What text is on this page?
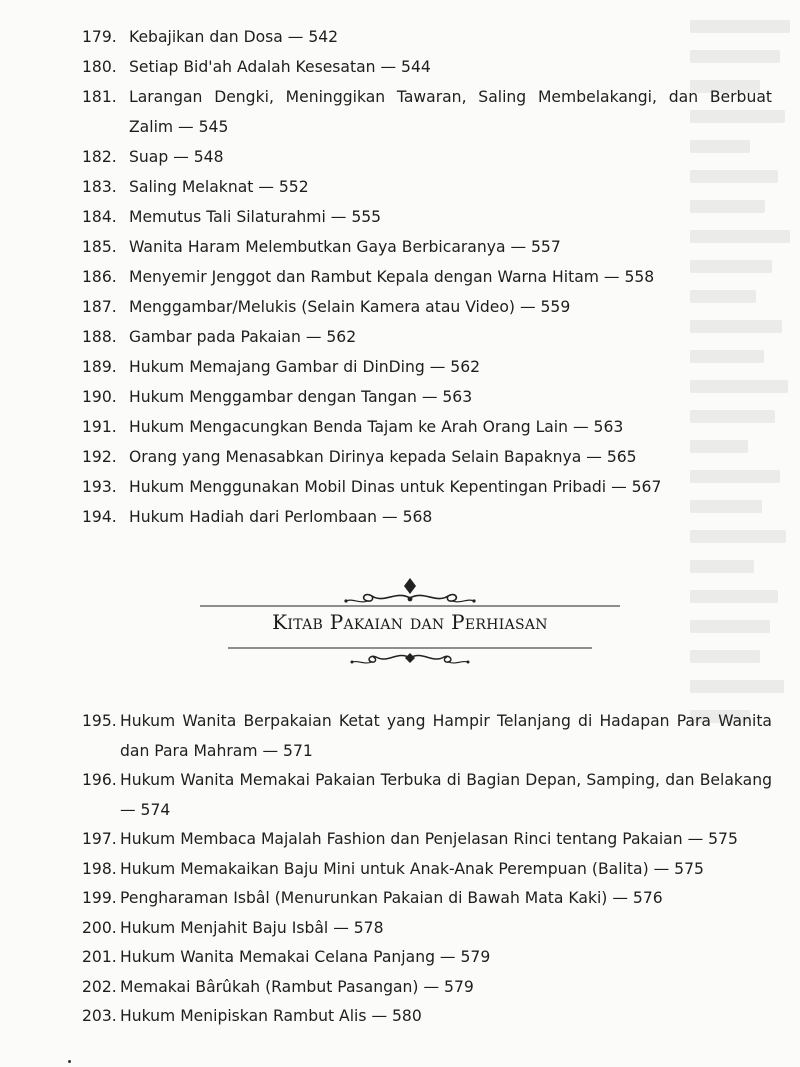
179. Kebajikan dan Dosa — 542
180. Setiap Bid'ah Adalah Kesesatan — 544
181. Larangan Dengki, Meninggikan Tawaran, Saling Membelakangi, dan Berbuat Zalim — 545
182. Suap — 548
183. Saling Melaknat — 552
184. Memutus Tali Silaturahmi — 555
185. Wanita Haram Melembutkan Gaya Berbicaranya — 557
186. Menyemir Jenggot dan Rambut Kepala dengan Warna Hitam — 558
187. Menggambar/Melukis (Selain Kamera atau Video) — 559
188. Gambar pada Pakaian — 562
189. Hukum Memajang Gambar di DinDing — 562
190. Hukum Menggambar dengan Tangan — 563
191. Hukum Mengacungkan Benda Tajam ke Arah Orang Lain — 563
192. Orang yang Menasabkan Dirinya kepada Selain Bapaknya — 565
193. Hukum Menggunakan Mobil Dinas untuk Kepentingan Pribadi — 567
194. Hukum Hadiah dari Perlombaan — 568
Kitab Pakaian dan Perhiasan
195. Hukum Wanita Berpakaian Ketat yang Hampir Telanjang di Hadapan Para Wanita dan Para Mahram — 571
196. Hukum Wanita Memakai Pakaian Terbuka di Bagian Depan, Samping, dan Belakang — 574
197. Hukum Membaca Majalah Fashion dan Penjelasan Rinci tentang Pakaian — 575
198. Hukum Memakaikan Baju Mini untuk Anak-Anak Perempuan (Balita) — 575
199. Pengharaman Isbâl (Menurunkan Pakaian di Bawah Mata Kaki) — 576
200. Hukum Menjahit Baju Isbâl — 578
201. Hukum Wanita Memakai Celana Panjang — 579
202. Memakai Bârûkah (Rambut Pasangan) — 579
203. Hukum Menipiskan Rambut Alis — 580
